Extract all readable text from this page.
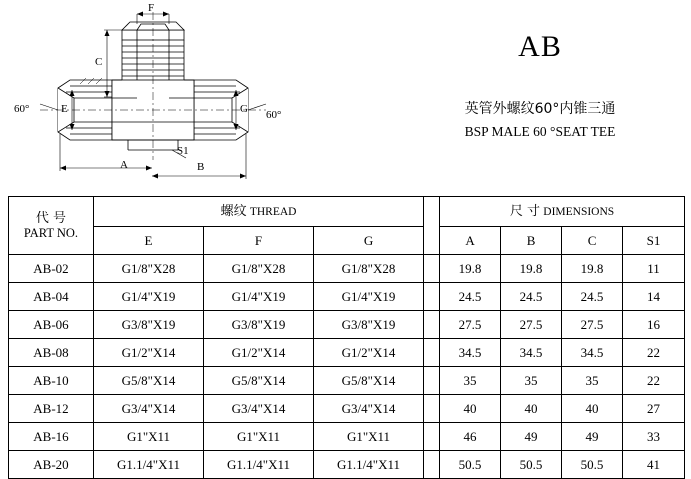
F
C
E	G
A	B
S1
60°	60°
AB
英管外螺纹60°内锥三通
BSP MALE 60 °SEAT TEE
代 号
PART NO.	螺纹 THREAD				尺 寸 DIMENSIONS			
	E	F	G		A	B	C	S1
AB-02	G1/8"X28	G1/8"X28	G1/8"X28		19.8	19.8	19.8	11
AB-04	G1/4"X19	G1/4"X19	G1/4"X19		24.5	24.5	24.5	14
AB-06	G3/8"X19	G3/8"X19	G3/8"X19		27.5	27.5	27.5	16
AB-08	G1/2"X14	G1/2"X14	G1/2"X14		34.5	34.5	34.5	22
AB-10	G5/8"X14	G5/8"X14	G5/8"X14		35	35	35	22
AB-12	G3/4"X14	G3/4"X14	G3/4"X14		40	40	40	27
AB-16	G1"X11	G1"X11	G1"X11		46	49	49	33
AB-20	G1.1/4"X11	G1.1/4"X11	G1.1/4"X11		50.5	50.5	50.5	41
